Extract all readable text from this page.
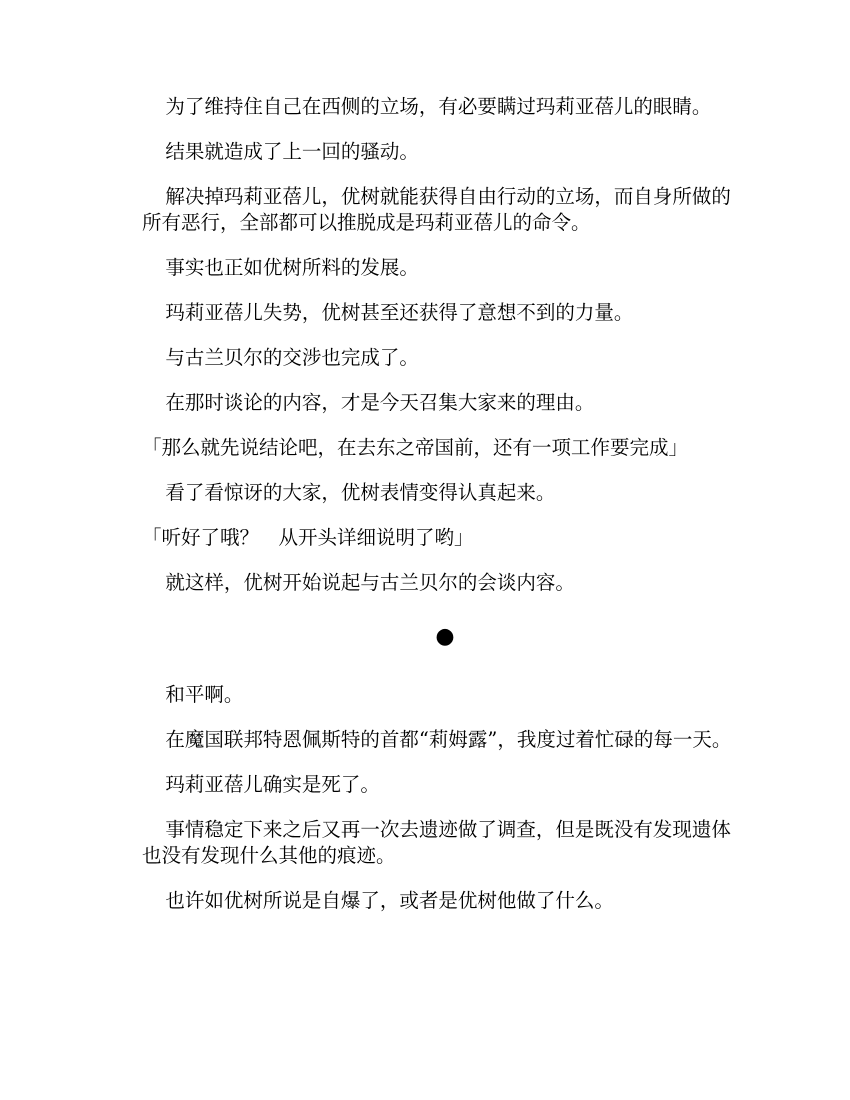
为了维持住自己在西侧的立场，有必要瞒过玛莉亚蓓儿的眼睛。

结果就造成了上一回的骚动。

解决掉玛莉亚蓓儿，优树就能获得自由行动的立场，而自身所做的所有恶行，全部都可以推脱成是玛莉亚蓓儿的命令。

事实也正如优树所料的发展。

玛莉亚蓓儿失势，优树甚至还获得了意想不到的力量。

与古兰贝尔的交涉也完成了。

在那时谈论的内容，才是今天召集大家来的理由。

「那么就先说结论吧，在去东之帝国前，还有一项工作要完成」

看了看惊讶的大家，优树表情变得认真起来。

「听好了哦？　从开头详细说明了哟」

就这样，优树开始说起与古兰贝尔的会谈内容。

●

和平啊。

在魔国联邦特恩佩斯特的首都“莉姆露”，我度过着忙碌的每一天。

玛莉亚蓓儿确实是死了。

事情稳定下来之后又再一次去遗迹做了调查，但是既没有发现遗体也没有发现什么其他的痕迹。

也许如优树所说是自爆了，或者是优树他做了什么。
